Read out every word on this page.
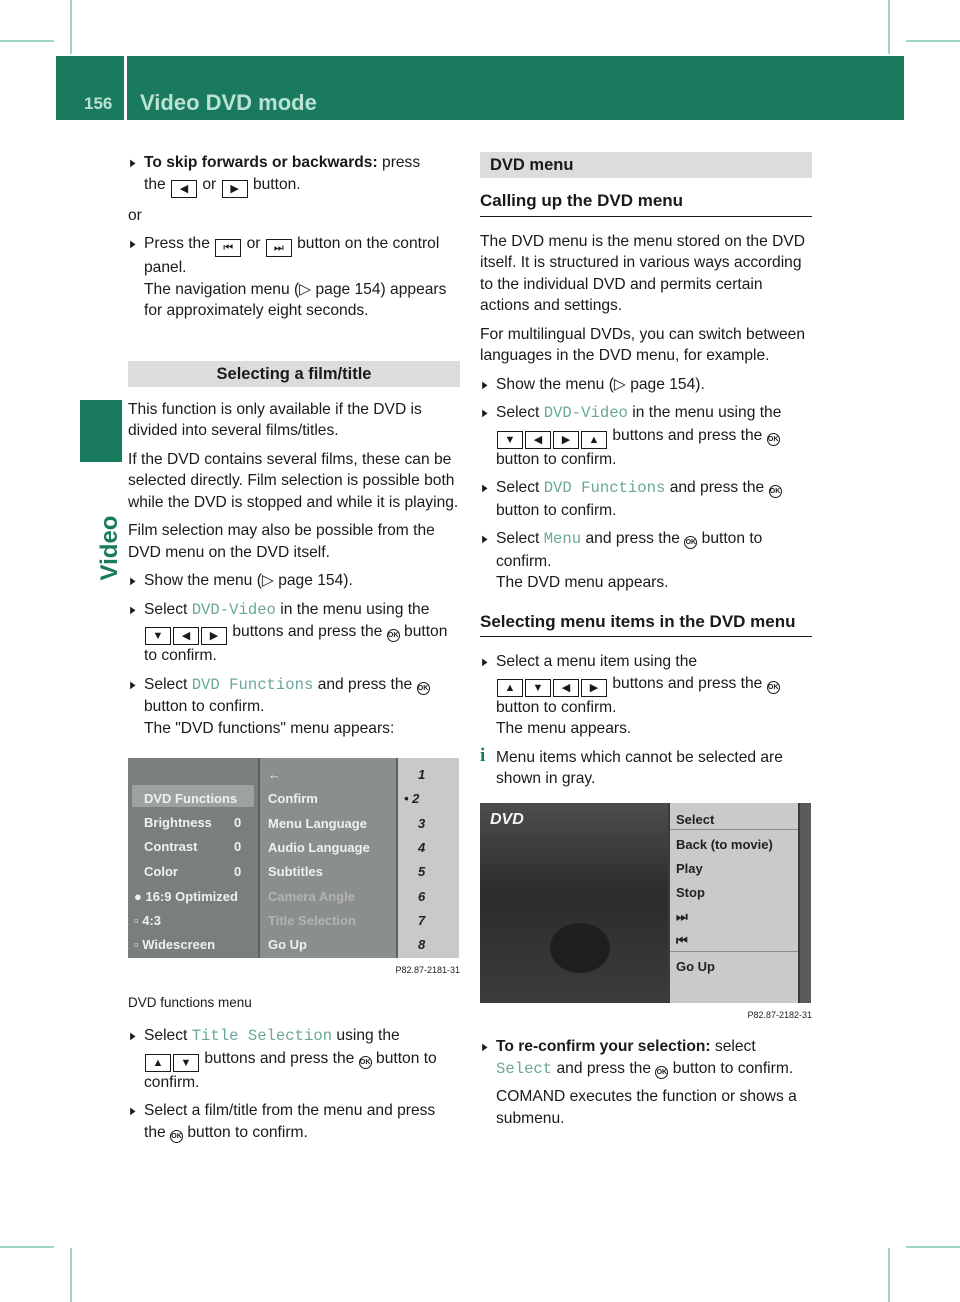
156 Video DVD mode
Video
▶ To skip forwards or backwards: press
the ◀ or ▶ button.
or
▶ Press the ⏮ or ⏭ button on the control panel.
The navigation menu (▷ page 154) appears for approximately eight seconds.
Selecting a film/title
This function is only available if the DVD is divided into several films/titles.
If the DVD contains several films, these can be selected directly. Film selection is possible both while the DVD is stopped and while it is playing.
Film selection may also be possible from the DVD menu on the DVD itself.
▶ Show the menu (▷ page 154).
▶ Select DVD-Video in the menu using the ▼ ◀ ▶ buttons and press the OK button to confirm.
▶ Select DVD Functions and press the OK button to confirm.
The "DVD functions" menu appears:
DVD Functions
Brightness 0
Contrast	0
Color	0
● 16:9 Optimized
▫ 4:3
▫ Widescreen
←
Confirm
Menu Language
Audio Language
Subtitles
Camera Angle
Title Selection
Go Up
1
• 2
3
4
5
6
7
8
P82.87-2181-31
DVD functions menu
▶ Select Title Selection using the
▲ ▼ buttons and press the OK button to confirm.
▶ Select a film/title from the menu and press the OK button to confirm.
DVD menu
Calling up the DVD menu
The DVD menu is the menu stored on the DVD itself. It is structured in various ways according to the individual DVD and permits certain actions and settings.
For multilingual DVDs, you can switch between languages in the DVD menu, for example.
▶ Show the menu (▷ page 154).
▶ Select DVD-Video in the menu using the ▼ ◀ ▶ ▲ buttons and press the OK button to confirm.
▶ Select DVD Functions and press the OK button to confirm.
▶ Select Menu and press the OK button to confirm.
The DVD menu appears.
Selecting menu items in the DVD menu
▶ Select a menu item using the
▲ ▼ ◀ ▶ buttons and press the OK button to confirm.
The menu appears.
i Menu items which cannot be selected are shown in gray.
DVD	Select
Back (to movie)
Play
Stop
⏭
⏮
Go Up
P82.87-2182-31
▶ To re-confirm your selection: select
Select and press the OK button to confirm.
COMAND executes the function or shows a submenu.
